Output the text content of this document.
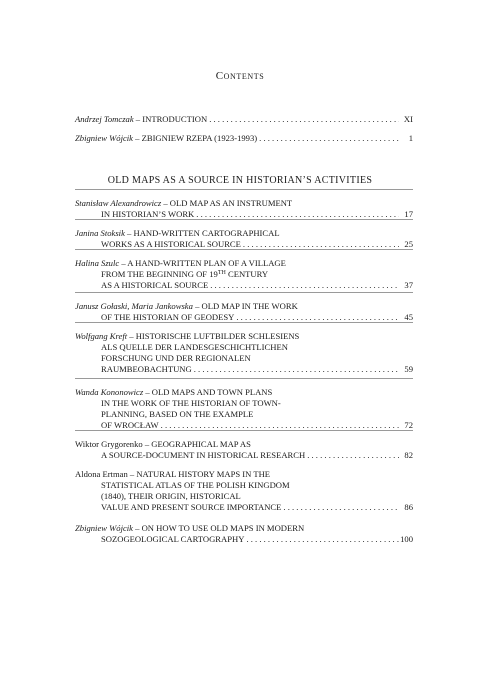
Contents
OLD MAPS AS A SOURCE IN HISTORIAN’S ACTIVITIES
Andrzej Tomczak – INTRODUCTION . . .	XI
Zbigniew Wójcik – ZBIGNIEW RZEPA (1923-1993) . . .	1
Stanisław Alexandrowicz – OLD MAP AS AN INSTRUMENT
IN HISTORIAN’S WORK . . .	17
Janina Stoksik – HAND-WRITTEN CARTOGRAPHICAL
WORKS AS A HISTORICAL SOURCE . . .	25
Halina Szulc – A HAND-WRITTEN PLAN OF A VILLAGE
FROM THE BEGINNING OF 19TH CENTURY
AS A HISTORICAL SOURCE . . .	37
Janusz Gołaski, Maria Jankowska – OLD MAP IN THE WORK
OF THE HISTORIAN OF GEODESY . . .	45
Wolfgang Kreft – HISTORISCHE LUFTBILDER SCHLESIENS
ALS QUELLE DER LANDESGESCHICHTLICHEN
FORSCHUNG UND DER REGIONALEN
RAUMBEOBACHTUNG . . .	59
Wanda Kononowicz – OLD MAPS AND TOWN PLANS
IN THE WORK OF THE HISTORIAN OF TOWN-
PLANNING, BASED ON THE EXAMPLE
OF WROCŁAW . . .	72
Wiktor Grygorenko – GEOGRAPHICAL MAP AS
A SOURCE-DOCUMENT IN HISTORICAL RESEARCH . . .	82
Aldona Ertman – NATURAL HISTORY MAPS IN THE
STATISTICAL ATLAS OF THE POLISH KINGDOM
(1840), THEIR ORIGIN, HISTORICAL
VALUE AND PRESENT SOURCE IMPORTANCE . . .	86
Zbigniew Wójcik – ON HOW TO USE OLD MAPS IN MODERN
SOZOGEOLOGICAL CARTOGRAPHY . . .	100
